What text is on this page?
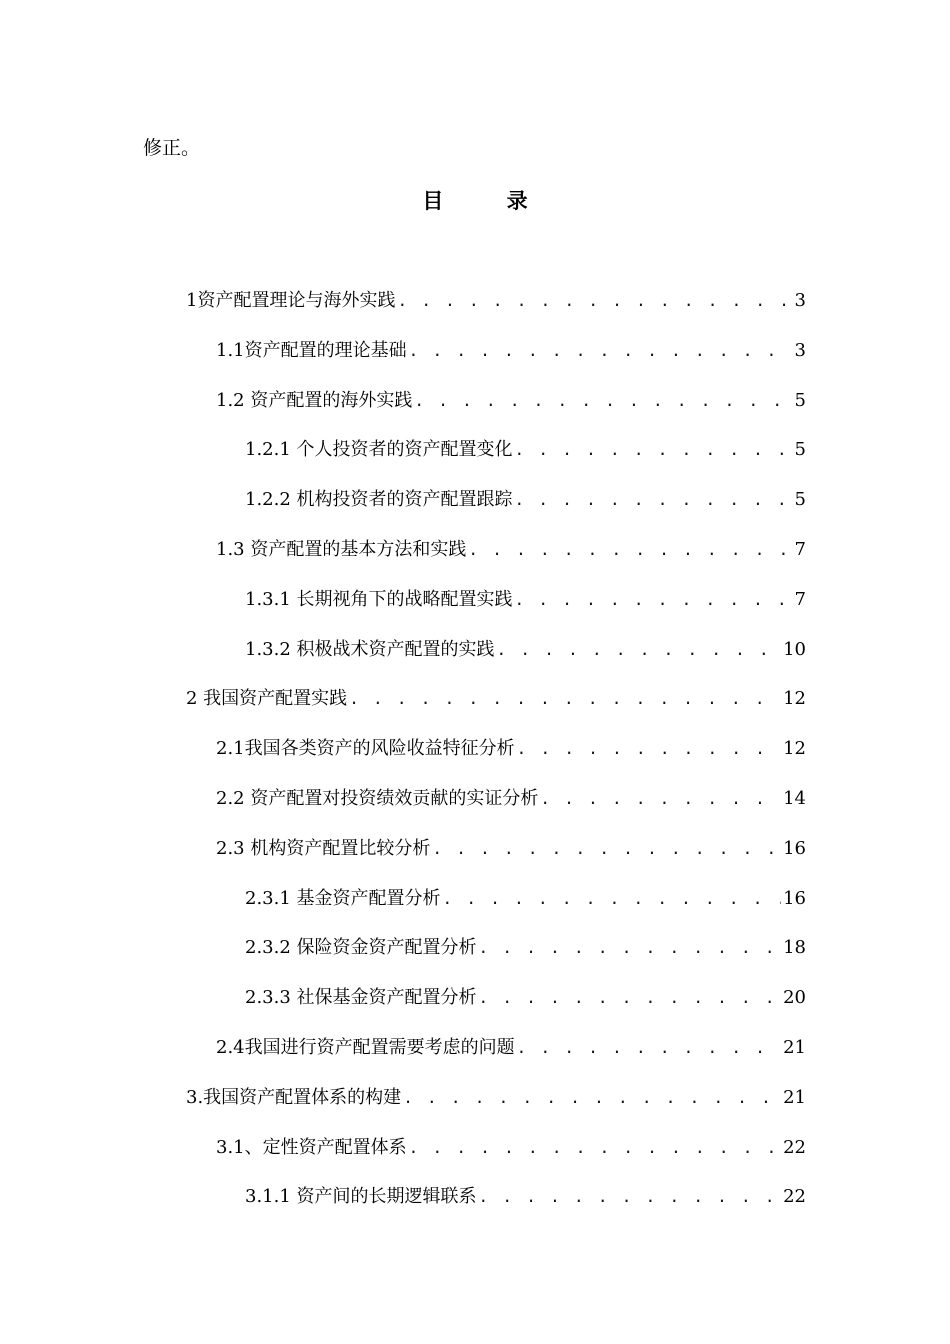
修正。
目 录
1资产配置理论与海外实践 . . .	3
1.1资产配置的理论基础 . . .	3
1.2 资产配置的海外实践 . . .	5
1.2.1 个人投资者的资产配置变化 . . .	5
1.2.2 机构投资者的资产配置跟踪 . . .	5
1.3 资产配置的基本方法和实践 . . .	7
1.3.1 长期视角下的战略配置实践 . . .	7
1.3.2 积极战术资产配置的实践 . . .	10
2 我国资产配置实践 . . .	12
2.1我国各类资产的风险收益特征分析 . . .	12
2.2 资产配置对投资绩效贡献的实证分析 . . .	14
2.3 机构资产配置比较分析 . . .	16
2.3.1 基金资产配置分析 . . .	16
2.3.2 保险资金资产配置分析 . . .	18
2.3.3 社保基金资产配置分析 . . .	20
2.4我国进行资产配置需要考虑的问题 . . .	21
3.我国资产配置体系的构建 . . .	21
3.1、定性资产配置体系 . . .	22
3.1.1 资产间的长期逻辑联系 . . .	22
